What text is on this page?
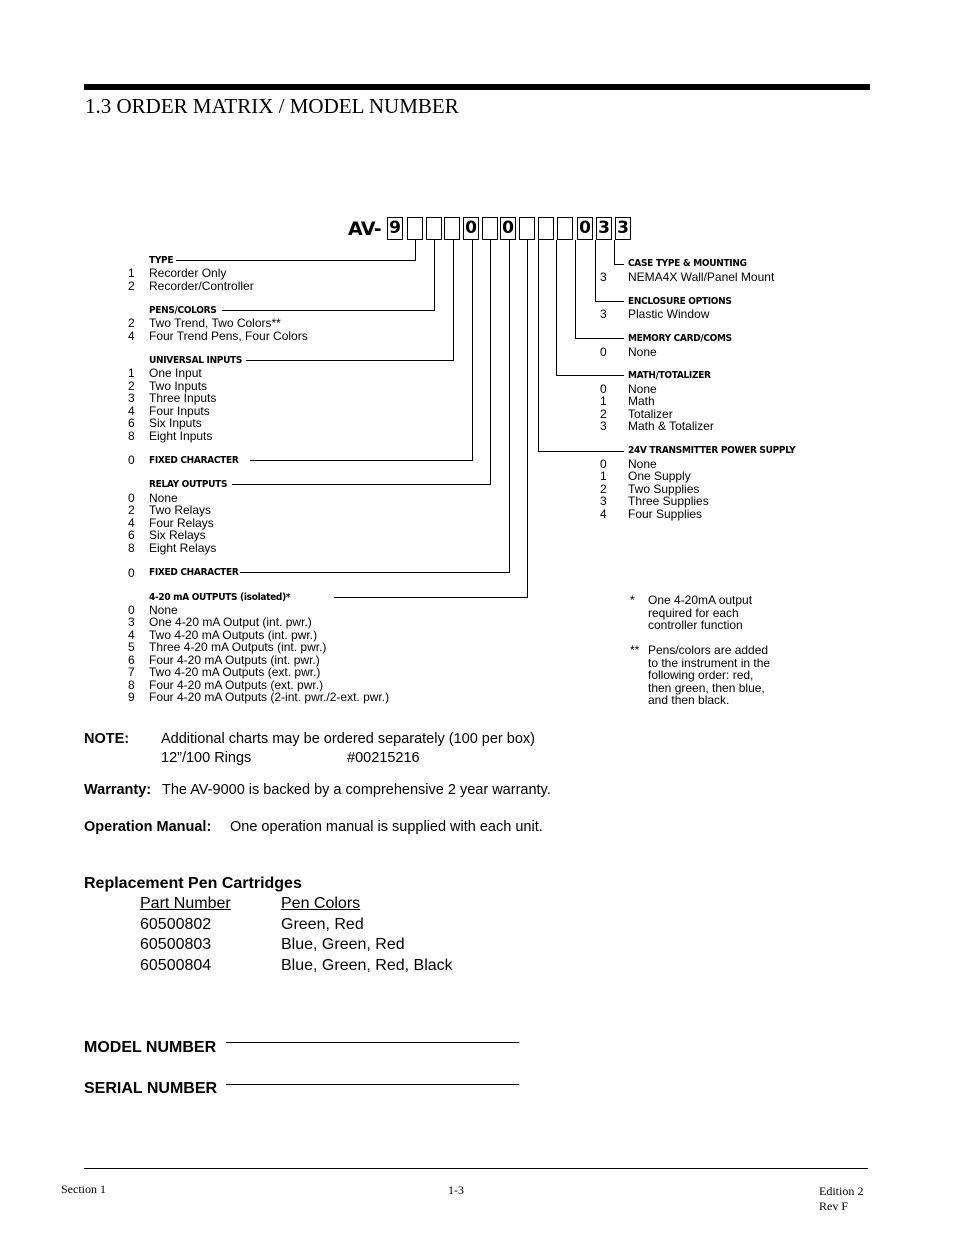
1.3 ORDER MATRIX / MODEL NUMBER
AV- 9	0 0	0 3 3
TYPE
1 Recorder Only
2 Recorder/Controller
PENS/COLORS
2 Two Trend, Two Colors**
4 Four Trend Pens, Four Colors
UNIVERSAL INPUTS
1 One Input
2 Two Inputs
3 Three Inputs
4 Four Inputs
6 Six Inputs
8 Eight Inputs
0 FIXED CHARACTER
RELAY OUTPUTS
0 None
2 Two Relays
4 Four Relays
6 Six Relays
8 Eight Relays
0 FIXED CHARACTER
4-20 mA OUTPUTS (isolated)*
0 None
3 One 4-20 mA Output (int. pwr.)
4 Two 4-20 mA Outputs (int. pwr.)
5 Three 4-20 mA Outputs (int. pwr.)
6 Four 4-20 mA Outputs (int. pwr.)
7 Two 4-20 mA Outputs (ext. pwr.)
8 Four 4-20 mA Outputs (ext. pwr.)
9 Four 4-20 mA Outputs (2-int. pwr./2-ext. pwr.)
CASE TYPE & MOUNTING
3 NEMA4X Wall/Panel Mount
ENCLOSURE OPTIONS
3 Plastic Window
MEMORY CARD/COMS
0 None
MATH/TOTALIZER
0 None
1 Math
2 Totalizer
3 Math & Totalizer
24V TRANSMITTER POWER SUPPLY
0 None
1 One Supply
2 Two Supplies
3 Three Supplies
4 Four Supplies
* One 4-20mA output
required for each
controller function
** Pens/colors are added
to the instrument in the
following order: red,
then green, then blue,
and then black.
NOTE: Additional charts may be ordered separately (100 per box)
12”/100 Rings	#00215216
Warranty: The AV-9000 is backed by a comprehensive 2 year warranty.
Operation Manual: One operation manual is supplied with each unit.
Replacement Pen Cartridges
Part Number	Pen Colors
60500802	Green, Red
60500803	Blue, Green, Red
60500804	Blue, Green, Red, Black
MODEL NUMBER
SERIAL NUMBER
Section 1	1-3	Edition 2
Rev F
